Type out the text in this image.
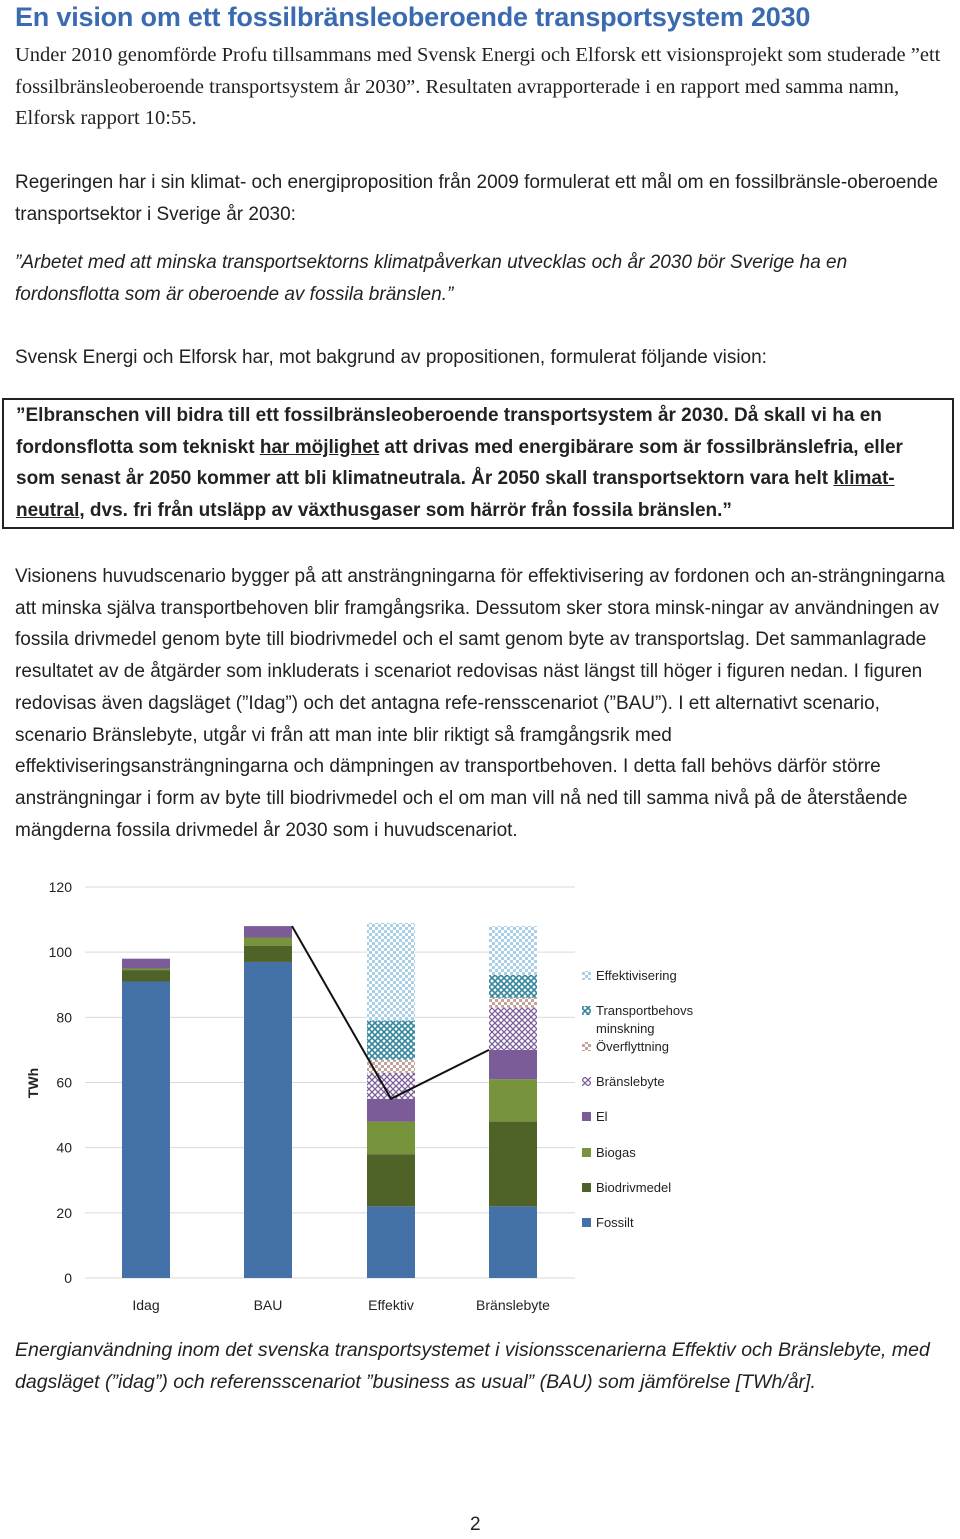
En vision om ett fossilbränsleoberoende transportsystem 2030

Under 2010 genomförde Profu tillsammans med Svensk Energi och Elforsk ett visionsprojekt som studerade ”ett fossilbränsleoberoende transportsystem år 2030”. Resultaten avrapporterade i en rapport med samma namn, Elforsk rapport 10:55.

Regeringen har i sin klimat- och energiproposition från 2009 formulerat ett mål om en fossilbränsle-oberoende transportsektor i Sverige år 2030:

”Arbetet med att minska transportsektorns klimatpåverkan utvecklas och år 2030 bör Sverige ha en fordonsflotta som är oberoende av fossila bränslen.”

Svensk Energi och Elforsk har, mot bakgrund av propositionen, formulerat följande vision:

”Elbranschen vill bidra till ett fossilbränsleoberoende transportsystem år 2030. Då skall vi ha en fordonsflotta som tekniskt har möjlighet att drivas med energibärare som är fossilbränslefria, eller som senast år 2050 kommer att bli klimatneutrala. År 2050 skall transportsektorn vara helt klimat-neutral, dvs. fri från utsläpp av växthusgaser som härrör från fossila bränslen.”

Visionens huvudscenario bygger på att ansträngningarna för effektivisering av fordonen och an-strängningarna att minska själva transportbehoven blir framgångsrika. Dessutom sker stora minsk-ningar av användningen av fossila drivmedel genom byte till biodrivmedel och el samt genom byte av transportslag. Det sammanlagrade resultatet av de åtgärder som inkluderats i scenariot redovisas näst längst till höger i figuren nedan. I figuren redovisas även dagsläget (”Idag”) och det antagna refe-rensscenariot (”BAU”). I ett alternativt scenario, scenario Bränslebyte, utgår vi från att man inte blir riktigt så framgångsrik med effektiviseringsansträngningarna och dämpningen av transportbehoven. I detta fall behövs därför större ansträngningar i form av byte till biodrivmedel och el om man vill nå ned till samma nivå på de återstående mängderna fossila drivmedel år 2030 som i huvudscenariot.

0
20
40
60
80
100
120
TWh
Idag	BAU	Effektiv	Bränslebyte
Effektivisering
Transportbehovs minskning
Överflyttning
Bränslebyte
El
Biogas
Biodrivmedel
Fossilt

Energianvändning inom det svenska transportsystemet i visionsscenarierna Effektiv och Bränslebyte, med dagsläget (”idag”) och referensscenariot ”business as usual” (BAU) som jämförelse [TWh/år].

2
